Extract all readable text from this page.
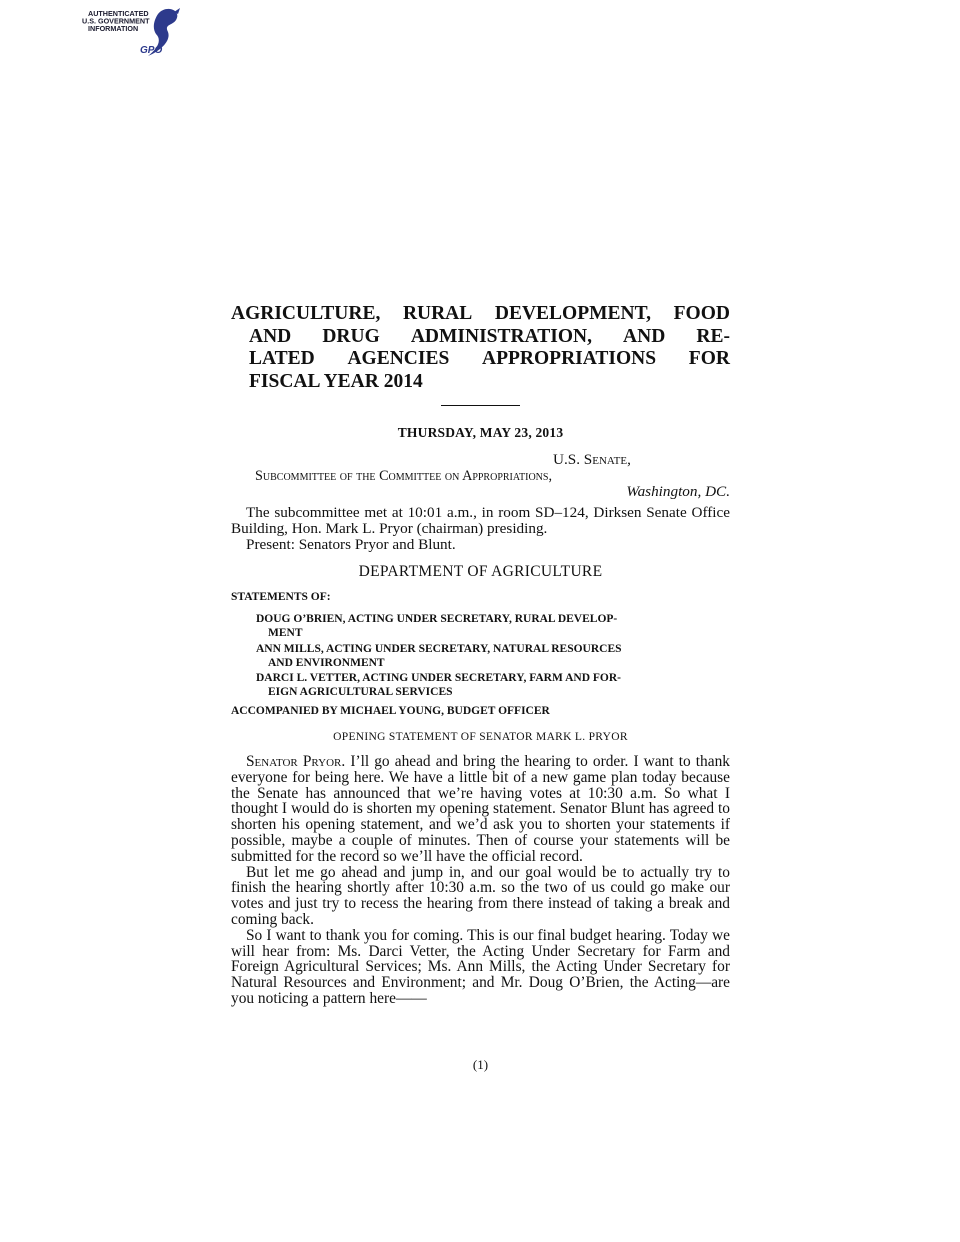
AUTHENTICATED
U.S. GOVERNMENT
INFORMATION
GPO
AGRICULTURE, RURAL DEVELOPMENT, FOOD
AND DRUG ADMINISTRATION, AND RE-
LATED AGENCIES APPROPRIATIONS FOR
FISCAL YEAR 2014
THURSDAY, MAY 23, 2013
U.S. Senate,
Subcommittee of the Committee on Appropriations,
Washington, DC.

The subcommittee met at 10:01 a.m., in room SD–124, Dirksen Senate Office Building, Hon. Mark L. Pryor (chairman) presiding.

Present: Senators Pryor and Blunt.

DEPARTMENT OF AGRICULTURE
STATEMENTS OF:
DOUG O’BRIEN, ACTING UNDER SECRETARY, RURAL DEVELOP-
MENT
ANN MILLS, ACTING UNDER SECRETARY, NATURAL RESOURCES
AND ENVIRONMENT
DARCI L. VETTER, ACTING UNDER SECRETARY, FARM AND FOR-
EIGN AGRICULTURAL SERVICES
ACCOMPANIED BY MICHAEL YOUNG, BUDGET OFFICER
OPENING STATEMENT OF SENATOR MARK L. PRYOR

Senator Pryor. I’ll go ahead and bring the hearing to order. I want to thank everyone for being here. We have a little bit of a new game plan today because the Senate has announced that we’re having votes at 10:30 a.m. So what I thought I would do is shorten my opening statement. Senator Blunt has agreed to shorten his opening statement, and we’d ask you to shorten your statements if possible, maybe a couple of minutes. Then of course your statements will be submitted for the record so we’ll have the official record.

But let me go ahead and jump in, and our goal would be to actually try to finish the hearing shortly after 10:30 a.m. so the two of us could go make our votes and just try to recess the hearing from there instead of taking a break and coming back.

So I want to thank you for coming. This is our final budget hearing. Today we will hear from: Ms. Darci Vetter, the Acting Under Secretary for Farm and Foreign Agricultural Services; Ms. Ann Mills, the Acting Under Secretary for Natural Resources and Environment; and Mr. Doug O’Brien, the Acting—are you noticing a pattern here——

(1)
